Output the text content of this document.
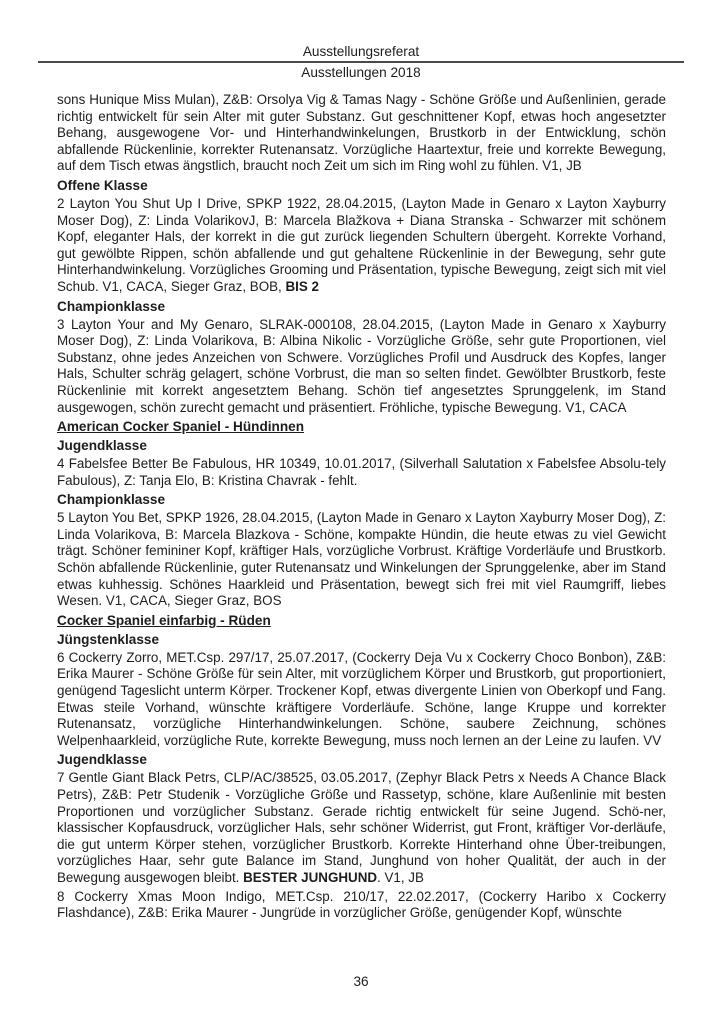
Ausstellungsreferat
Ausstellungen 2018

sons Hunique Miss Mulan), Z&B: Orsolya Vig & Tamas Nagy - Schöne Größe und Außenlinien, gerade richtig entwickelt für sein Alter mit guter Substanz. Gut geschnittener Kopf, etwas hoch angesetzter Behang, ausgewogene Vor- und Hinterhandwinkelungen, Brustkorb in der Entwicklung, schön abfallende Rückenlinie, korrekter Rutenansatz. Vorzügliche Haartextur, freie und korrekte Bewegung, auf dem Tisch etwas ängstlich, braucht noch Zeit um sich im Ring wohl zu fühlen. V1, JB

Offene Klasse

2 Layton You Shut Up I Drive, SPKP 1922, 28.04.2015, (Layton Made in Genaro x Layton Xayburry Moser Dog), Z: Linda VolarikovJ, B: Marcela Blažkova + Diana Stranska - Schwarzer mit schönem Kopf, eleganter Hals, der korrekt in die gut zurück liegenden Schultern übergeht. Korrekte Vorhand, gut gewölbte Rippen, schön abfallende und gut gehaltene Rückenlinie in der Bewegung, sehr gute Hinterhandwinkelung. Vorzügliches Grooming und Präsentation, typische Bewegung, zeigt sich mit viel Schub. V1, CACA, Sieger Graz, BOB, BIS 2

Championklasse

3 Layton Your and My Genaro, SLRAK-000108, 28.04.2015, (Layton Made in Genaro x Xayburry Moser Dog), Z: Linda Volarikova, B: Albina Nikolic - Vorzügliche Größe, sehr gute Proportionen, viel Substanz, ohne jedes Anzeichen von Schwere. Vorzügliches Profil und Ausdruck des Kopfes, langer Hals, Schulter schräg gelagert, schöne Vorbrust, die man so selten findet. Gewölbter Brustkorb, feste Rückenlinie mit korrekt angesetztem Behang. Schön tief angesetztes Sprunggelenk, im Stand ausgewogen, schön zurecht gemacht und präsentiert. Fröhliche, typische Bewegung. V1, CACA

American Cocker Spaniel - Hündinnen
Jugendklasse

4 Fabelsfee Better Be Fabulous, HR 10349, 10.01.2017, (Silverhall Salutation x Fabelsfee Absolu-tely Fabulous), Z: Tanja Elo, B: Kristina Chavrak - fehlt.

Championklasse

5 Layton You Bet, SPKP 1926, 28.04.2015, (Layton Made in Genaro x Layton Xayburry Moser Dog), Z: Linda Volarikova, B: Marcela Blazkova - Schöne, kompakte Hündin, die heute etwas zu viel Gewicht trägt. Schöner femininer Kopf, kräftiger Hals, vorzügliche Vorbrust. Kräftige Vorderläufe und Brustkorb. Schön abfallende Rückenlinie, guter Rutenansatz und Winkelungen der Sprunggelenke, aber im Stand etwas kuhhessig. Schönes Haarkleid und Präsentation, bewegt sich frei mit viel Raumgriff, liebes Wesen. V1, CACA, Sieger Graz, BOS

Cocker Spaniel einfarbig - Rüden
Jüngstenklasse

6 Cockerry Zorro, MET.Csp. 297/17, 25.07.2017, (Cockerry Deja Vu x Cockerry Choco Bonbon), Z&B: Erika Maurer - Schöne Größe für sein Alter, mit vorzüglichem Körper und Brustkorb, gut proportioniert, genügend Tageslicht unterm Körper. Trockener Kopf, etwas divergente Linien von Oberkopf und Fang. Etwas steile Vorhand, wünschte kräftigere Vorderläufe. Schöne, lange Kruppe und korrekter Rutenansatz, vorzügliche Hinterhandwinkelungen. Schöne, saubere Zeichnung, schönes Welpenhaarkleid, vorzügliche Rute, korrekte Bewegung, muss noch lernen an der Leine zu laufen. VV

Jugendklasse

7 Gentle Giant Black Petrs, CLP/AC/38525, 03.05.2017, (Zephyr Black Petrs x Needs A Chance Black Petrs), Z&B: Petr Studenik - Vorzügliche Größe und Rassetyp, schöne, klare Außenlinie mit besten Proportionen und vorzüglicher Substanz. Gerade richtig entwickelt für seine Jugend. Schö-ner, klassischer Kopfausdruck, vorzüglicher Hals, sehr schöner Widerrist, gut Front, kräftiger Vor-derläufe, die gut unterm Körper stehen, vorzüglicher Brustkorb. Korrekte Hinterhand ohne Über-treibungen, vorzügliches Haar, sehr gute Balance im Stand, Junghund von hoher Qualität, der auch in der Bewegung ausgewogen bleibt. BESTER JUNGHUND. V1, JB

8 Cockerry Xmas Moon Indigo, MET.Csp. 210/17, 22.02.2017, (Cockerry Haribo x Cockerry Flashdance), Z&B: Erika Maurer - Jungrüde in vorzüglicher Größe, genügender Kopf, wünschte

36
